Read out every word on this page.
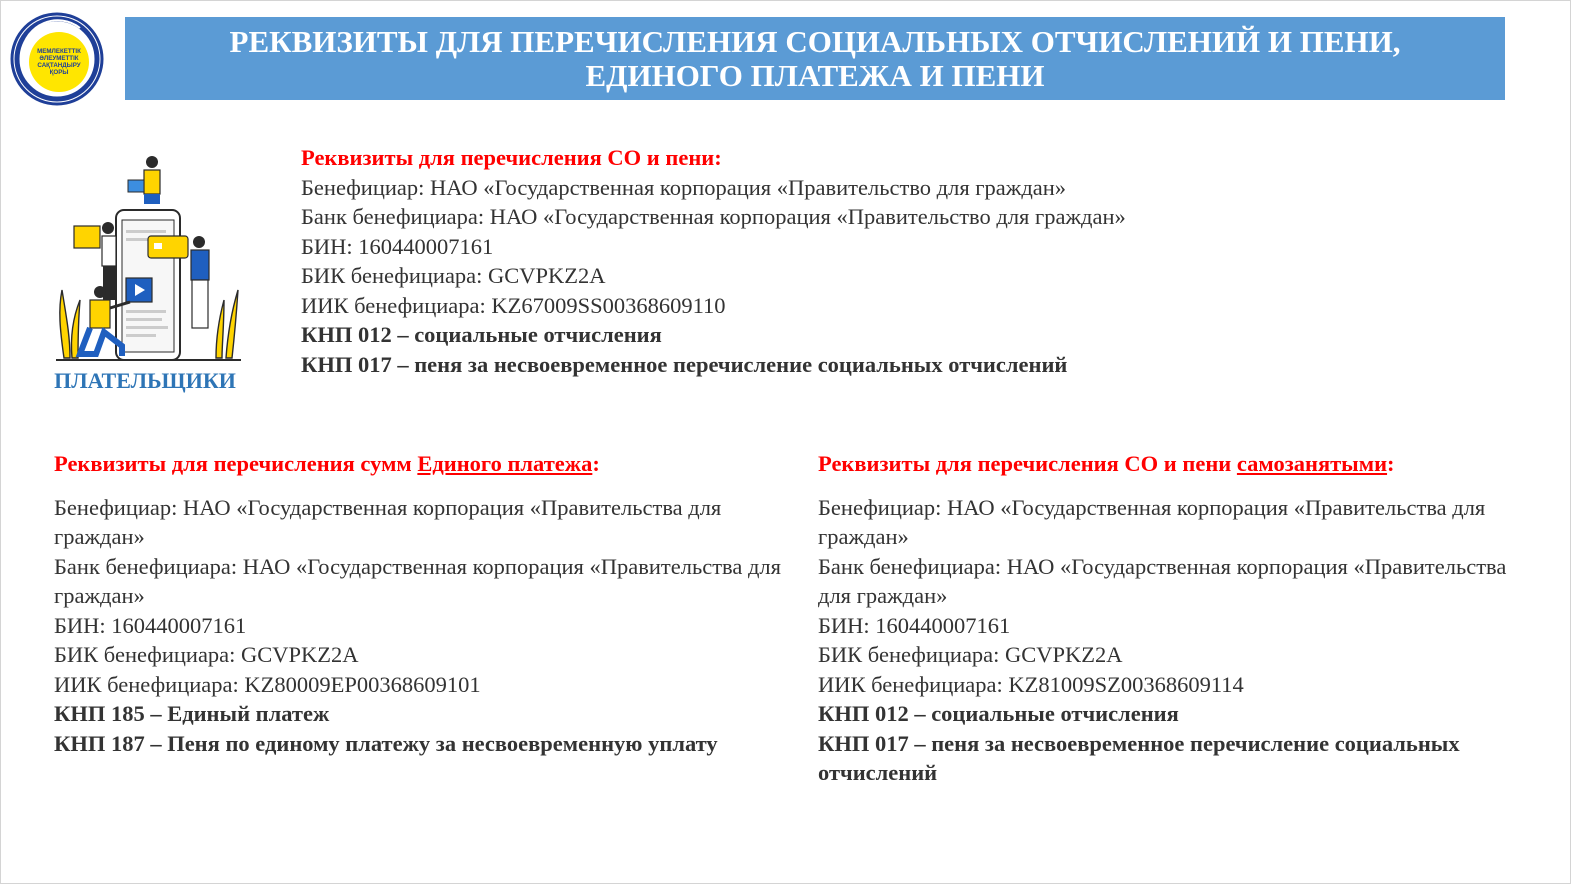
МЕМЛЕКЕТТІК
ӘЛЕУМЕТТІК
САҚТАНДЫРУ
ҚОРЫ
РЕКВИЗИТЫ ДЛЯ ПЕРЕЧИСЛЕНИЯ СОЦИАЛЬНЫХ ОТЧИСЛЕНИЙ И ПЕНИ,
ЕДИНОГО ПЛАТЕЖА И ПЕНИ
ПЛАТЕЛЬЩИКИ
Реквизиты для перечисления СО и пени:
Бенефициар: НАО «Государственная корпорация «Правительство для граждан»
Банк бенефициара: НАО «Государственная корпорация «Правительство для граждан»
БИН: 160440007161
БИК бенефициара: GCVPKZ2A
ИИК бенефициара: KZ67009SS00368609110
КНП 012 – социальные отчисления
КНП 017 – пеня за несвоевременное перечисление социальных отчислений
Реквизиты для перечисления сумм Единого платежа:
Бенефициар: НАО «Государственная корпорация «Правительства для граждан»
Банк бенефициара: НАО «Государственная корпорация «Правительства для граждан»
БИН: 160440007161
БИК бенефициара: GCVPKZ2A
ИИК бенефициара: KZ80009EP00368609101
КНП 185 – Единый платеж
КНП 187 – Пеня по единому платежу за несвоевременную уплату
Реквизиты для перечисления СО и пени самозанятыми:
Бенефициар: НАО «Государственная корпорация «Правительства для граждан»
Банк бенефициара: НАО «Государственная корпорация «Правительства для граждан»
БИН: 160440007161
БИК бенефициара: GCVPKZ2A
ИИК бенефициара: KZ81009SZ00368609114
КНП 012 – социальные отчисления
КНП 017 – пеня за несвоевременное перечисление социальных отчислений
